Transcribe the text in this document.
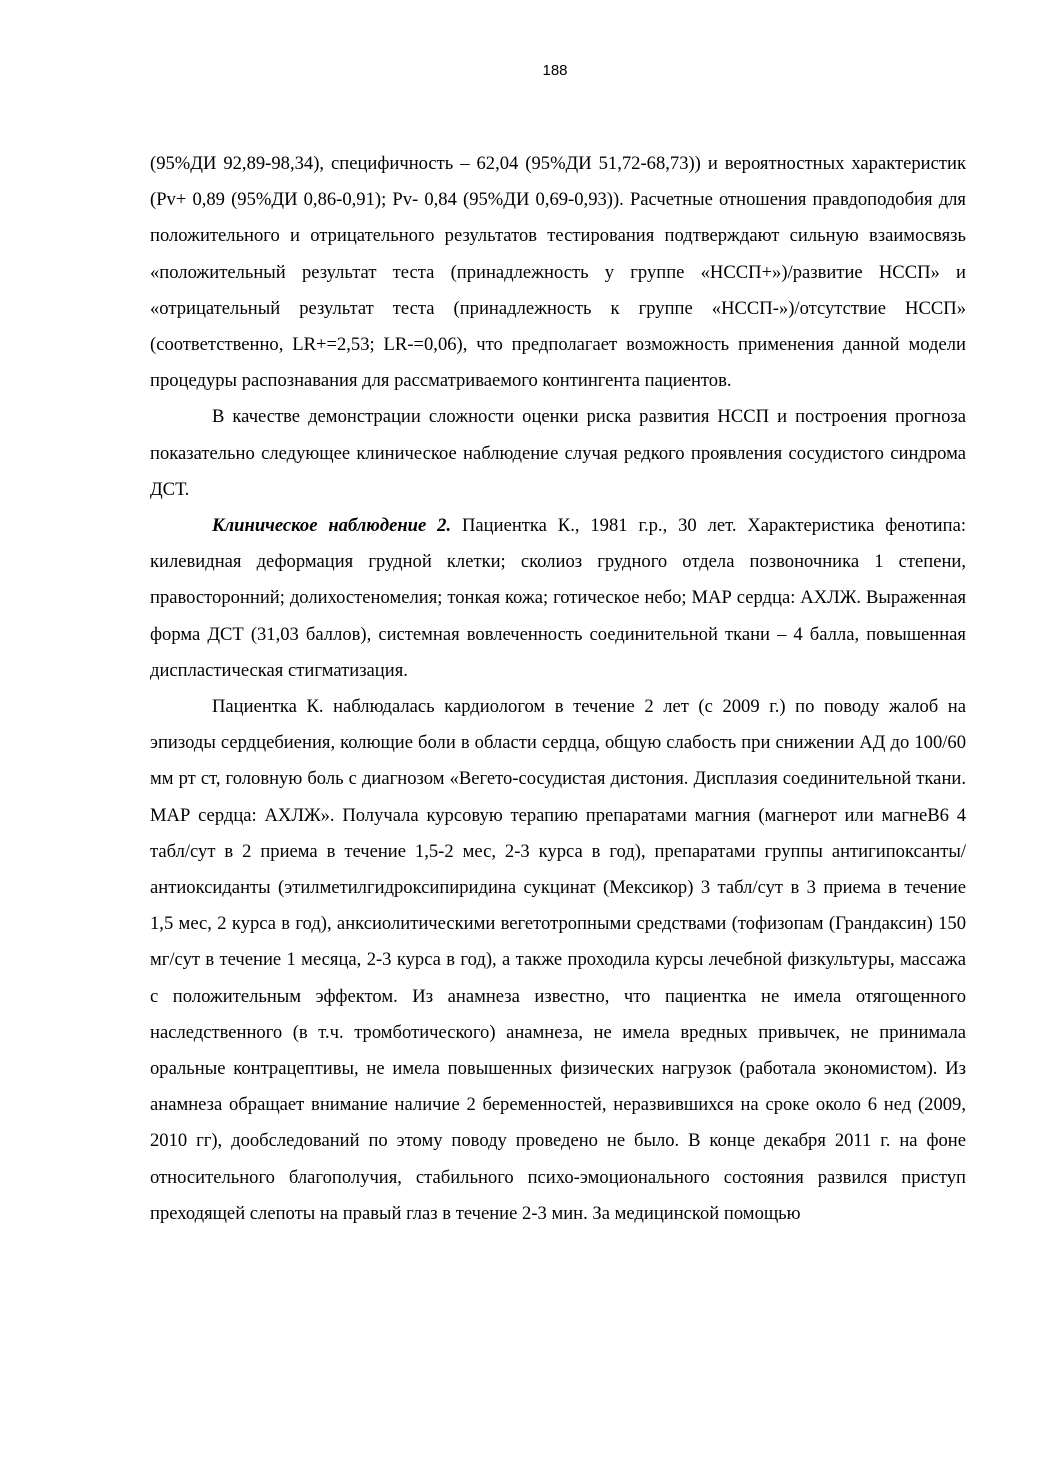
188

(95%ДИ 92,89-98,34), специфичность – 62,04 (95%ДИ 51,72-68,73)) и вероятностных характеристик (Pv+ 0,89 (95%ДИ 0,86-0,91); Pv- 0,84 (95%ДИ 0,69-0,93)). Расчетные отношения правдоподобия для положительного и отрицательного результатов тестирования подтверждают сильную взаимосвязь «положительный результат теста (принадлежность у группе «НССП+»)/развитие НССП» и «отрицательный результат теста (принадлежность к группе «НССП-»)/отсутствие НССП» (соответственно, LR+=2,53; LR-=0,06), что предполагает возможность применения данной модели процедуры распознавания для рассматриваемого контингента пациентов.

В качестве демонстрации сложности оценки риска развития НССП и построения прогноза показательно следующее клиническое наблюдение случая редкого проявления сосудистого синдрома ДСТ.

Клиническое наблюдение 2. Пациентка К., 1981 г.р., 30 лет. Характеристика фенотипа: килевидная деформация грудной клетки; сколиоз грудного отдела позвоночника 1 степени, правосторонний; долихостеномелия; тонкая кожа; готическое небо; МАР сердца: АХЛЖ. Выраженная форма ДСТ (31,03 баллов), системная вовлеченность соединительной ткани – 4 балла, повышенная диспластическая стигматизация.

Пациентка К. наблюдалась кардиологом в течение 2 лет (с 2009 г.) по поводу жалоб на эпизоды сердцебиения, колющие боли в области сердца, общую слабость при снижении АД до 100/60 мм рт ст, головную боль с диагнозом «Вегето-сосудистая дистония. Дисплазия соединительной ткани. МАР сердца: АХЛЖ». Получала курсовую терапию препаратами магния (магнерот или магнеВ6 4 табл/сут в 2 приема в течение 1,5-2 мес, 2-3 курса в год), препаратами группы антигипоксанты/антиоксиданты (этилметилгидроксипиридина сукцинат (Мексикор) 3 табл/сут в 3 приема в течение 1,5 мес, 2 курса в год), анксиолитическими вегетотропными средствами (тофизопам (Грандаксин) 150 мг/сут в течение 1 месяца, 2-3 курса в год), а также проходила курсы лечебной физкультуры, массажа с положительным эффектом. Из анамнеза известно, что пациентка не имела отягощенного наследственного (в т.ч. тромботического) анамнеза, не имела вредных привычек, не принимала оральные контрацептивы, не имела повышенных физических нагрузок (работала экономистом). Из анамнеза обращает внимание наличие 2 беременностей, неразвившихся на сроке около 6 нед (2009, 2010 гг), дообследований по этому поводу проведено не было. В конце декабря 2011 г. на фоне относительного благополучия, стабильного психо-эмоционального состояния развился приступ преходящей слепоты на правый глаз в течение 2-3 мин. За медицинской помощью
